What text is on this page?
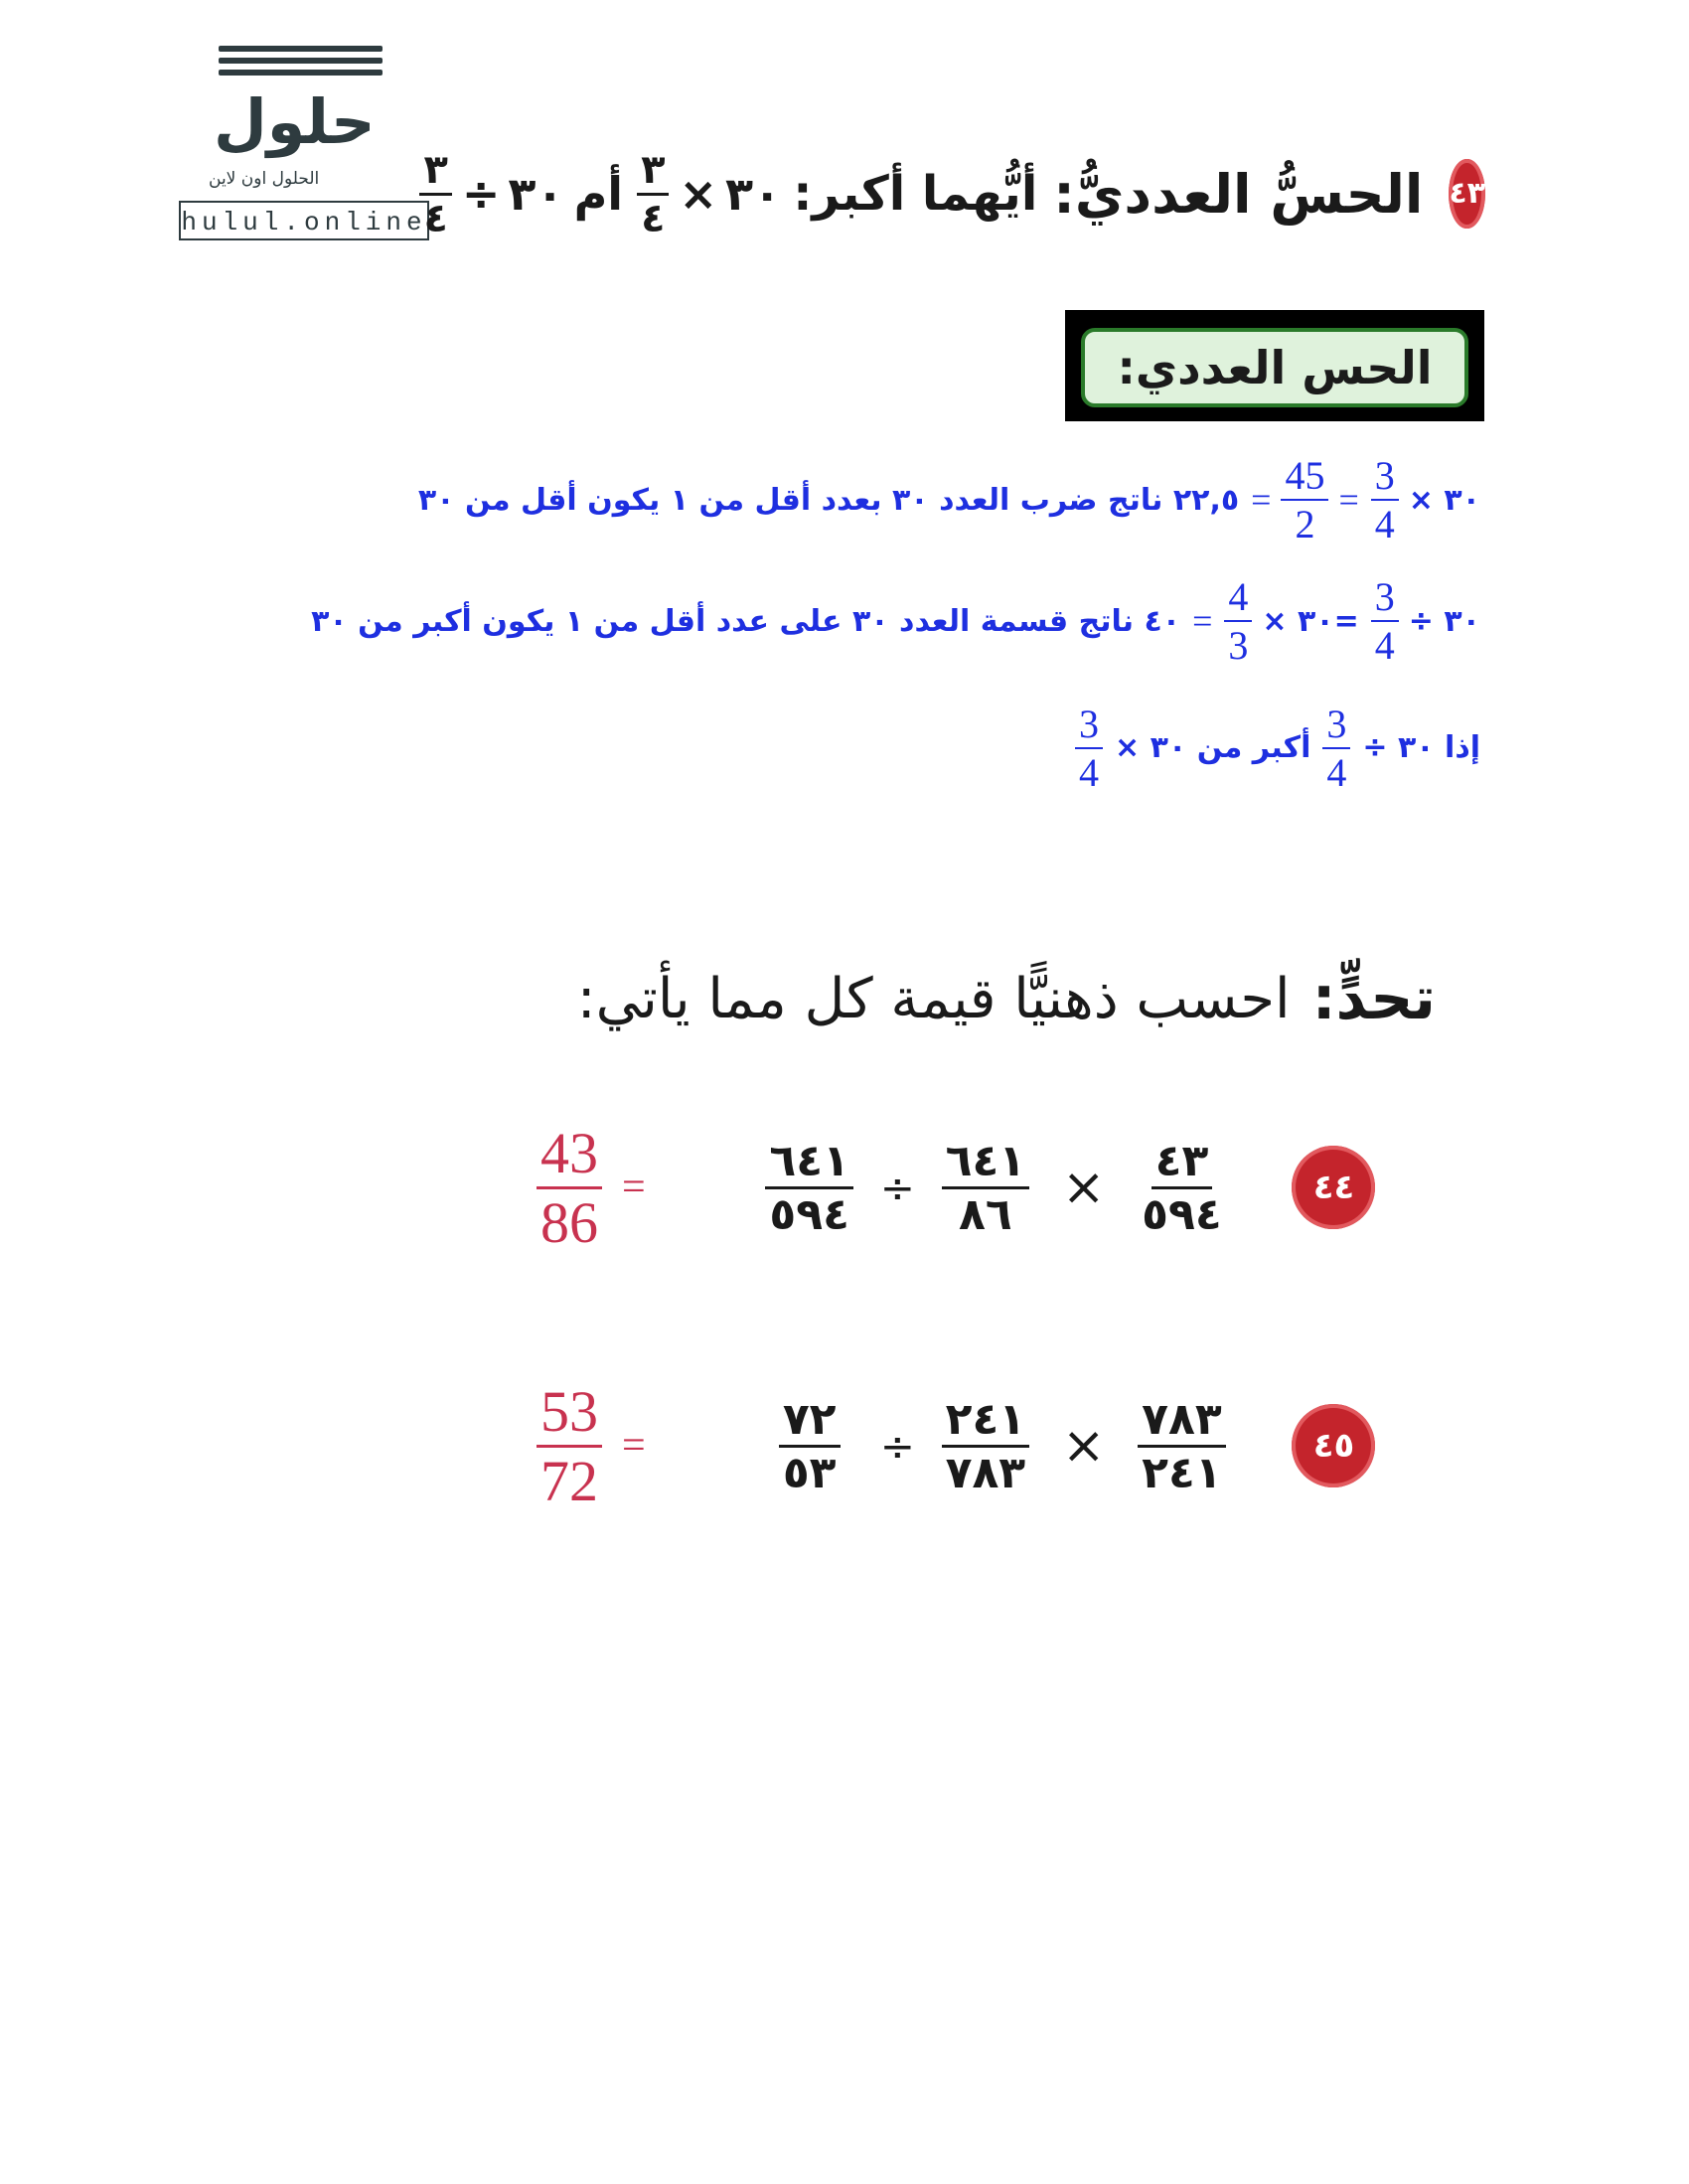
حلول
الحلول اون لاين
hulul.online
$\frac{٣}{٤}$ ÷ ٣٠ أم $\frac{٣}{٤}$ × ٣٠ أيُّهما أكبر: الحسُّ العدديُّ: ٤٣
الحس العددي:
٢٢,٥ ناتج ضرب العدد ٣٠ بعدد أقل من ١ يكون أقل من ٣٠ = $\frac{45}{2} = \frac{3}{4}$ ٣٠ ×
٤٠ ناتج قسمة العدد ٣٠ على عدد أقل من ١ يكون أكبر من ٣٠ = $\frac{4}{3}$ =٣٠ × $\frac{3}{4}$ ٣٠ ÷
$\frac{3}{4}$ أكبر من ٣٠ × $\frac{3}{4}$ إذا ٣٠ ÷
تحدٍّ:
احسب ذهنيًّا قيمة كل مما يأتي:
$\frac{43}{86}$ =	$\frac{٦٤١}{٥٩٤} \div \frac{٦٤١}{٨٦} \times \frac{٤٣}{٥٩٤}$	٤٤
$\frac{53}{72}$ =	$\frac{٧٢}{٥٣} \div \frac{٢٤١}{٧٨٣} \times \frac{٧٨٣}{٢٤١}$	٤٥
